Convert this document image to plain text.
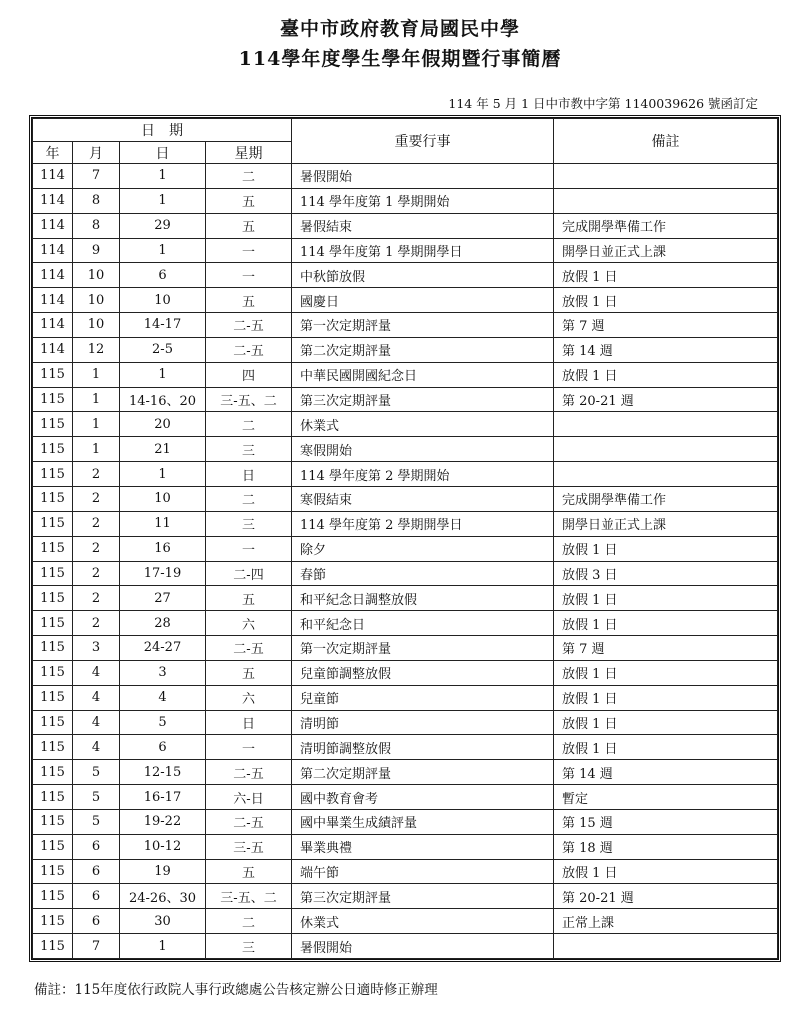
臺中市政府教育局國民中學
114學年度學生學年假期暨行事簡曆
114 年 5 月 1 日中市教中字第 1140039626 號函訂定
日　期				重要行事	備註
年	月	日	星期		
114	7	1	二	暑假開始	
114	8	1	五	114 學年度第 1 學期開始	
114	8	29	五	暑假結束	完成開學準備工作
114	9	1	一	114 學年度第 1 學期開學日	開學日並正式上課
114	10	6	一	中秋節放假	放假 1 日
114	10	10	五	國慶日	放假 1 日
114	10	14-17	二-五	第一次定期評量	第 7 週
114	12	2-5	二-五	第二次定期評量	第 14 週
115	1	1	四	中華民國開國紀念日	放假 1 日
115	1	14-16、20	三-五、二	第三次定期評量	第 20-21 週
115	1	20	二	休業式	
115	1	21	三	寒假開始	
115	2	1	日	114 學年度第 2 學期開始	
115	2	10	二	寒假結束	完成開學準備工作
115	2	11	三	114 學年度第 2 學期開學日	開學日並正式上課
115	2	16	一	除夕	放假 1 日
115	2	17-19	二-四	春節	放假 3 日
115	2	27	五	和平紀念日調整放假	放假 1 日
115	2	28	六	和平紀念日	放假 1 日
115	3	24-27	二-五	第一次定期評量	第 7 週
115	4	3	五	兒童節調整放假	放假 1 日
115	4	4	六	兒童節	放假 1 日
115	4	5	日	清明節	放假 1 日
115	4	6	一	清明節調整放假	放假 1 日
115	5	12-15	二-五	第二次定期評量	第 14 週
115	5	16-17	六-日	國中教育會考	暫定
115	5	19-22	二-五	國中畢業生成績評量	第 15 週
115	6	10-12	三-五	畢業典禮	第 18 週
115	6	19	五	端午節	放假 1 日
115	6	24-26、30	三-五、二	第三次定期評量	第 20-21 週
115	6	30	二	休業式	正常上課
115	7	1	三	暑假開始	
備註：115年度依行政院人事行政總處公告核定辦公日適時修正辦理
